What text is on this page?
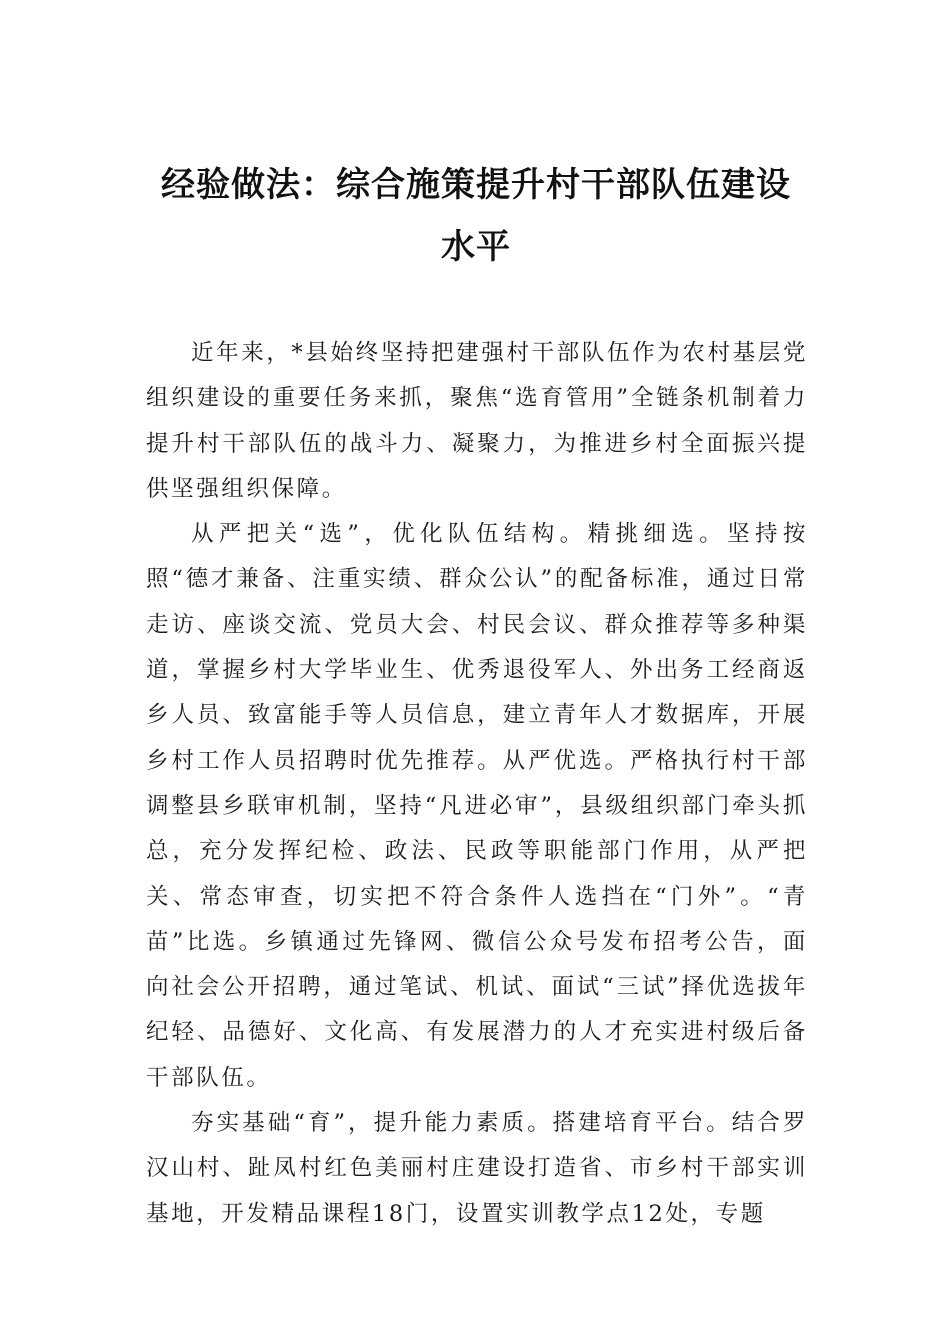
经验做法：综合施策提升村干部队伍建设水平

近年来，*县始终坚持把建强村干部队伍作为农村基层党组织建设的重要任务来抓，聚焦“选育管用”全链条机制着力提升村干部队伍的战斗力、凝聚力，为推进乡村全面振兴提供坚强组织保障。

从严把关“选”，优化队伍结构。精挑细选。坚持按照“德才兼备、注重实绩、群众公认”的配备标准，通过日常走访、座谈交流、党员大会、村民会议、群众推荐等多种渠道，掌握乡村大学毕业生、优秀退役军人、外出务工经商返乡人员、致富能手等人员信息，建立青年人才数据库，开展乡村工作人员招聘时优先推荐。从严优选。严格执行村干部调整县乡联审机制，坚持“凡进必审”，县级组织部门牵头抓总，充分发挥纪检、政法、民政等职能部门作用，从严把关、常态审查，切实把不符合条件人选挡在“门外”。“青苗”比选。乡镇通过先锋网、微信公众号发布招考公告，面向社会公开招聘，通过笔试、机试、面试“三试”择优选拔年纪轻、品德好、文化高、有发展潜力的人才充实进村级后备干部队伍。

夯实基础“育”，提升能力素质。搭建培育平台。结合罗汉山村、趾凤村红色美丽村庄建设打造省、市乡村干部实训基地，开发精品课程18门，设置实训教学点12处，专题
